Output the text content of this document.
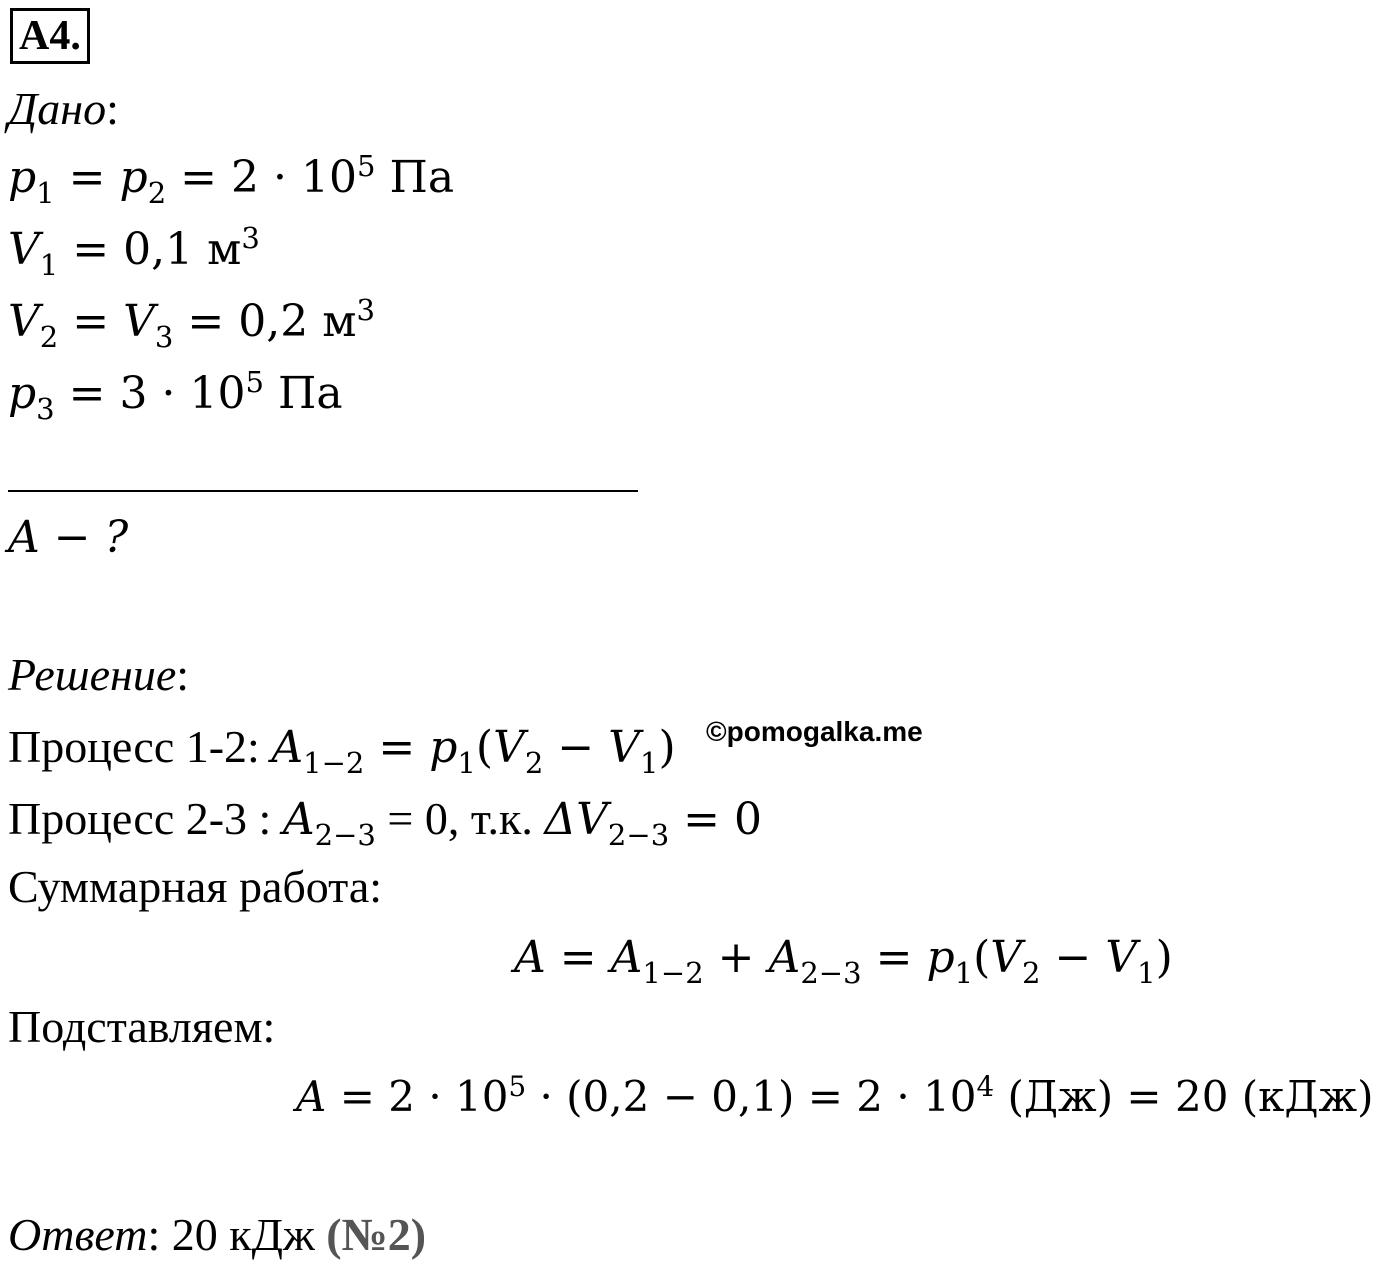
A4.
Дано:
$p_1 = p_2 = 2 \cdot 10^5$ Па
$V_1 = 0,1$ $м^3$
$V_2 = V_3 = 0,2$ $м^3$
$p_3 = 3 \cdot 10^5$ Па
A − ?
Решение:
Процесс 1-2: $A_{1-2} = p_1(V_2 - V_1)$ ©pomogalka.me
Процесс 2-3 : $A_{2-3} = 0$, т.к. $\Delta V_{2-3} = 0$
Суммарная работа:
$A = A_{1-2} + A_{2-3} = p_1(V_2 - V_1)$
Подставляем:
$A = 2 \cdot 10^5 \cdot (0,2 - 0,1) = 2 \cdot 10^4$ (Дж) = 20 (кДж)
Ответ: 20 кДж (№2)
